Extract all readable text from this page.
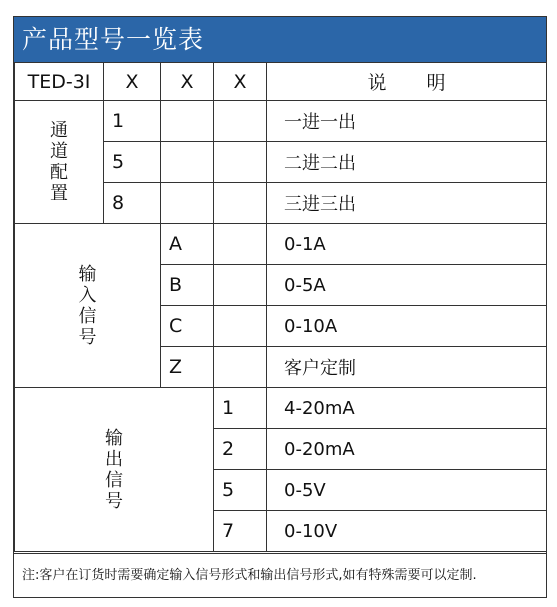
产品型号一览表
TED-3I	X	X	X	说 明
通道配置	1			一进一出
	5			二进二出
	8			三进三出
输入信号		A		0-1A
		B		0-5A
		C		0-10A
		Z		客户定制
输出信号			1	4-20mA
			2	0-20mA
			5	0-5V
			7	0-10V
注:客户在订货时需要确定输入信号形式和输出信号形式,如有特殊需要可以定制.
